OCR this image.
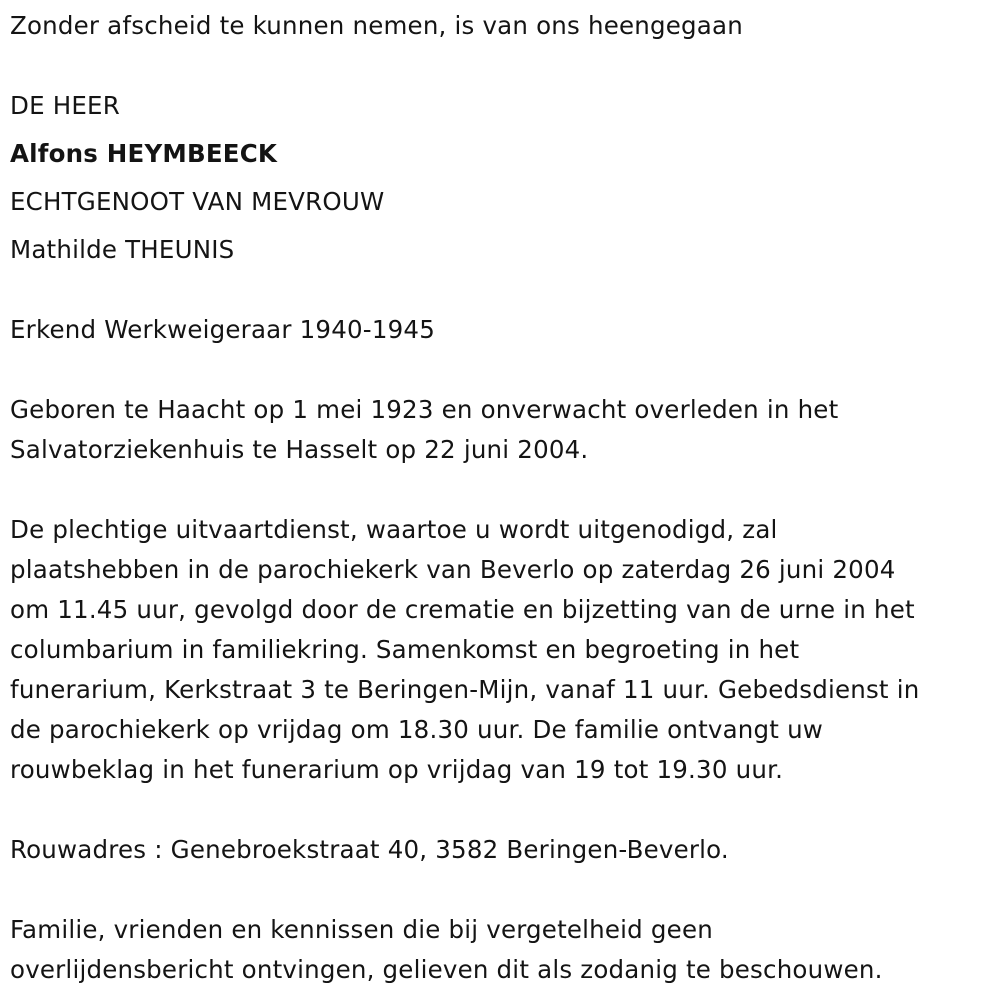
Zonder afscheid te kunnen nemen, is van ons heengegaan
DE HEER
Alfons HEYMBEECK
ECHTGENOOT VAN MEVROUW
Mathilde THEUNIS
Erkend Werkweigeraar 1940-1945
Geboren te Haacht op 1 mei 1923 en onverwacht overleden in het
Salvatorziekenhuis te Hasselt op 22 juni 2004.
De plechtige uitvaartdienst, waartoe u wordt uitgenodigd, zal
plaatshebben in de parochiekerk van Beverlo op zaterdag 26 juni 2004
om 11.45 uur, gevolgd door de crematie en bijzetting van de urne in het
columbarium in familiekring. Samenkomst en begroeting in het
funerarium, Kerkstraat 3 te Beringen-Mijn, vanaf 11 uur. Gebedsdienst in
de parochiekerk op vrijdag om 18.30 uur. De familie ontvangt uw
rouwbeklag in het funerarium op vrijdag van 19 tot 19.30 uur.
Rouwadres : Genebroekstraat 40, 3582 Beringen-Beverlo.
Familie, vrienden en kennissen die bij vergetelheid geen
overlijdensbericht ontvingen, gelieven dit als zodanig te beschouwen.
